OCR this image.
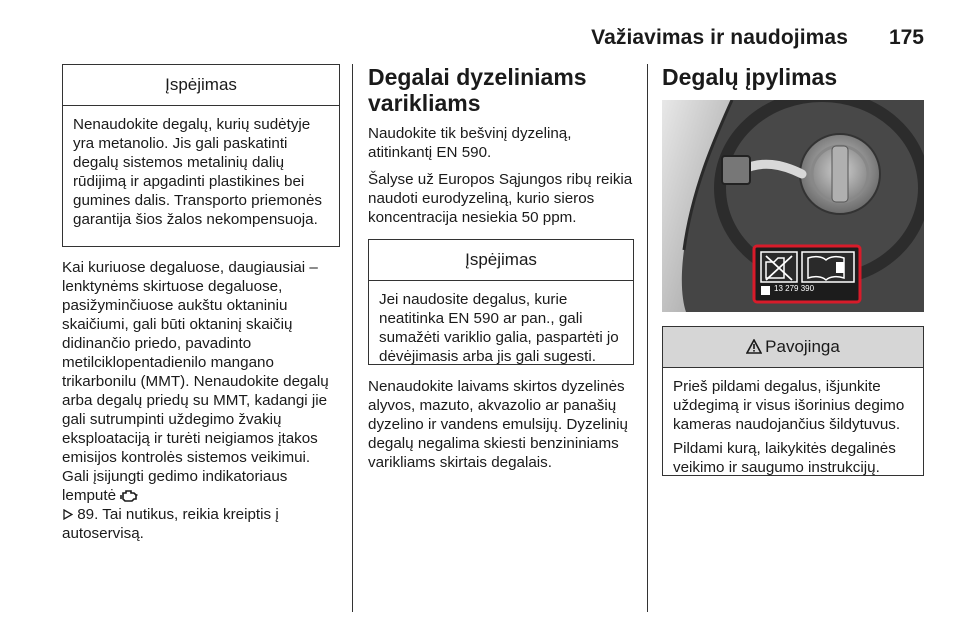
Važiavimas ir naudojimas 175
Įspėjimas

Nenaudokite degalų, kurių sudėtyje yra metanolio. Jis gali paskatinti degalų sistemos metalinių dalių rūdijimą ir apgadinti plastikines bei gumines dalis. Transporto priemonės garantija šios žalos nekompensuoja.

Kai kuriuose degaluose, daugiausiai – lenktynėms skirtuose degaluose, pasižyminčiuose aukštu oktaniniu skaičiumi, gali būti oktaninį skaičių didinančio priedo, pavadinto metilciklopentadienilo mangano trikarbonilu (MMT). Nenaudokite degalų arba degalų priedų su MMT, kadangi jie gali sutrumpinti uždegimo žvakių eksploataciją ir turėti neigiamos įtakos emisijos kontrolės sistemos veikimui. Gali įsijungti gedimo indikatoriaus lemputė
89. Tai nutikus, reikia kreiptis į autoservisą.

Degalai dyzeliniams varikliams

Naudokite tik bešvinį dyzeliną, atitinkantį EN 590.

Šalyse už Europos Sąjungos ribų reikia naudoti eurodyzeliną, kurio sieros koncentracija nesiekia 50 ppm.

Įspėjimas

Jei naudosite degalus, kurie neatitinka EN 590 ar pan., gali sumažėti variklio galia, paspartėti jo dėvėjimasis arba jis gali sugesti.

Nenaudokite laivams skirtos dyzelinės alyvos, mazuto, akvazolio ar panašių dyzelino ir vandens emulsijų. Dyzelinių degalų negalima skiesti benzininiams varikliams skirtais degalais.

Degalų įpylimas
13 279 390
Pavojinga

Prieš pildami degalus, išjunkite uždegimą ir visus išorinius degimo kameras naudojančius šildytuvus.

Pildami kurą, laikykitės degalinės veikimo ir saugumo instrukcijų.
